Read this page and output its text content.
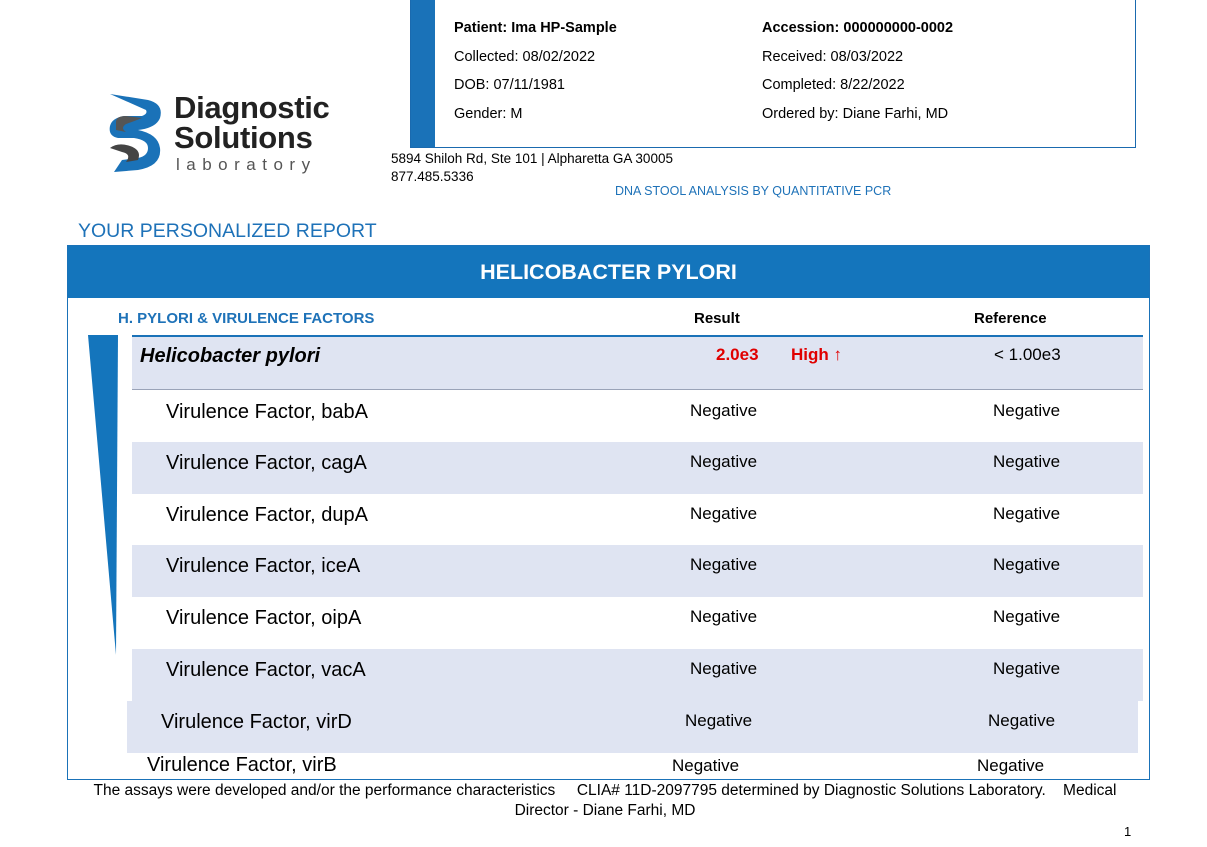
Diagnostic
Solutions
laboratory	5894 Shiloh Rd, Ste 101 | Alpharetta GA 30005
877.485.5336
Patient: Ima HP-Sample
Collected: 08/02/2022
DOB: 07/11/1981
Gender: M
Accession: 000000000-0002
Received: 08/03/2022
Completed: 8/22/2022
Ordered by: Diane Farhi, MD
DNA STOOL ANALYSIS BY QUANTITATIVE PCR
YOUR PERSONALIZED REPORT
HELICOBACTER PYLORI
H. PYLORI & VIRULENCE FACTORS	Result	Reference
Helicobacter pylori	2.0e3 High ↑	< 1.00e3
Virulence Factor, babA	Negative	Negative
Virulence Factor, cagA	Negative	Negative
Virulence Factor, dupA	Negative	Negative
Virulence Factor, iceA	Negative	Negative
Virulence Factor, oipA	Negative	Negative
Virulence Factor, vacA	Negative	Negative
Virulence Factor, virD	Negative	Negative
Virulence Factor, virB	Negative	Negative
The assays were developed and/or the performance characteristics     CLIA# 11D-2097795 determined by Diagnostic Solutions Laboratory.    Medical
Director - Diane Farhi, MD
1
